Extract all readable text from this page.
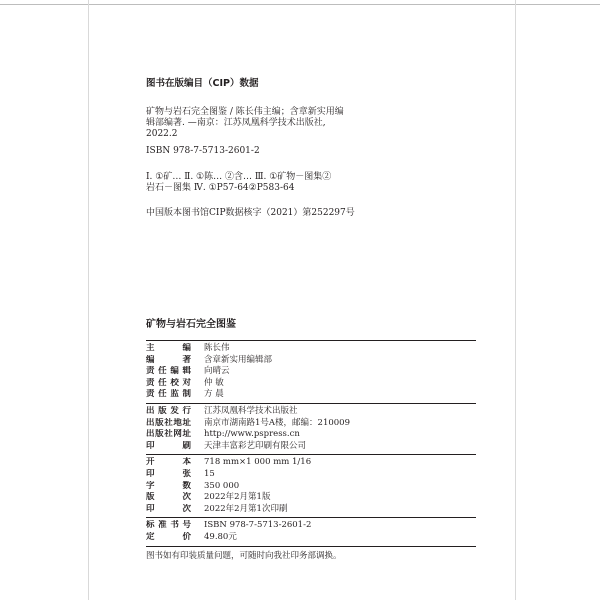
图书在版编目（CIP）数据

矿物与岩石完全图鉴 / 陈长伟主编；含章新实用编

辑部编著. —南京：江苏凤凰科学技术出版社,

2022.2

ISBN 978-7-5713-2601-2

Ⅰ. ①矿… Ⅱ. ①陈… ②含… Ⅲ. ①矿物－图集②

岩石－图集 Ⅳ. ①P57-64②P583-64

中国版本图书馆CIP数据核字（2021）第252297号

矿物与岩石完全图鉴

主　编 陈长伟
编　著 含章新实用编辑部
责任编辑 向晴云
责任校对 仲 敏
责任监制 方 晨
出版发行 江苏凤凰科学技术出版社
出版社地址 南京市湖南路1号A楼，邮编：210009
出版社网址 http://www.pspress.cn
印　刷 天津丰富彩艺印刷有限公司
开　本 718 mm×1 000 mm 1/16
印　张 15
字　数 350 000
版　次 2022年2月第1版
印　次 2022年2月第1次印刷
标准书号 ISBN 978-7-5713-2601-2
定　价 49.80元

图书如有印装质量问题，可随时向我社印务部调换。
